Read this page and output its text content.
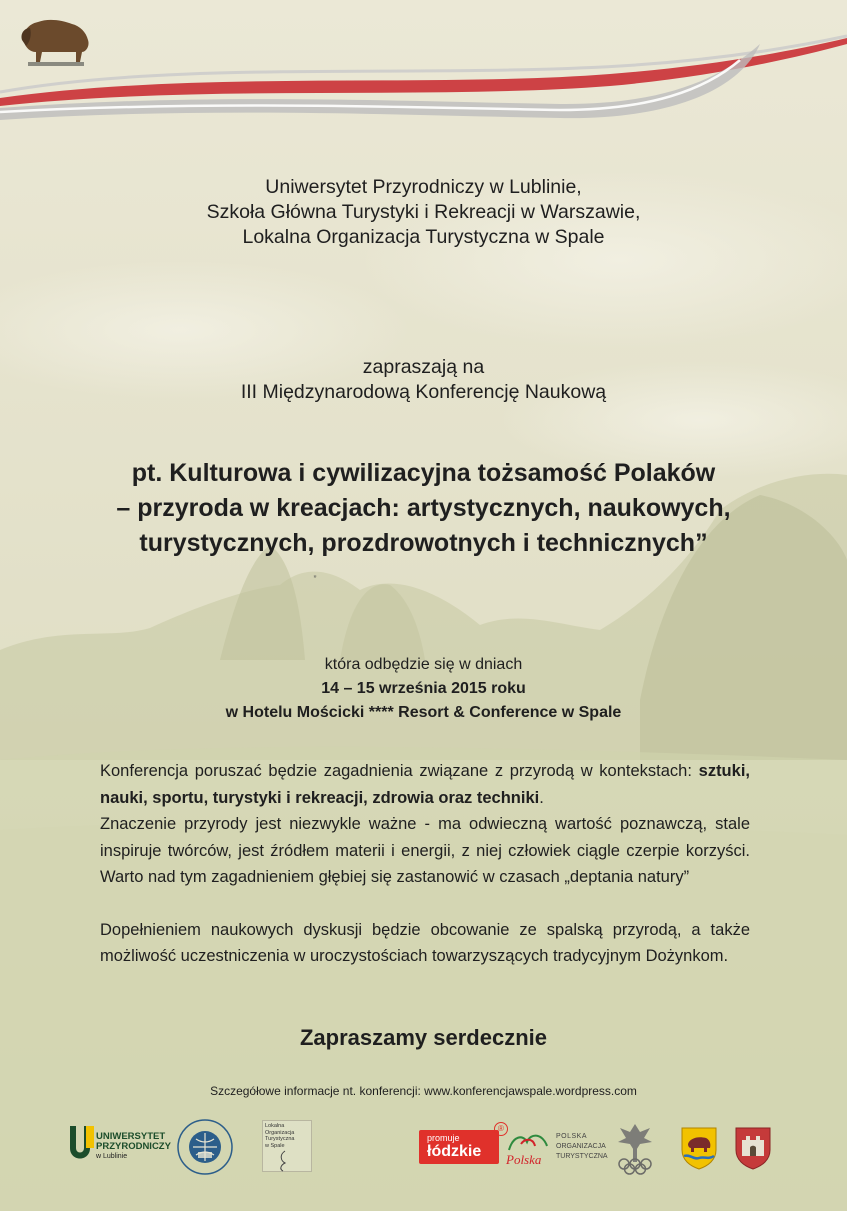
Uniwersytet Przyrodniczy w Lublinie,
Szkoła Główna Turystyki i Rekreacji w Warszawie,
Lokalna Organizacja Turystyczna w Spale
zapraszają na
III Międzynarodową Konferencję Naukową
pt. Kulturowa i cywilizacyjna tożsamość Polaków
– przyroda w kreacjach: artystycznych, naukowych,
turystycznych, prozdrowotnych i technicznych”
”
która odbędzie się w dniach
14 – 15 września 2015 roku
w Hotelu Mościcki **** Resort & Conference w Spale

Konferencja poruszać będzie zagadnienia związane z przyrodą w kontekstach: sztuki, nauki, sportu, turystyki i rekreacji, zdrowia oraz techniki.

Znaczenie przyrody jest niezwykle ważne - ma odwieczną wartość poznawczą, stale inspiruje twórców, jest źródłem materii i energii, z niej człowiek ciągle czerpie korzyści. Warto nad tym zagadnieniem głębiej się zastanowić w czasach „deptania natury”

Dopełnieniem naukowych dyskusji będzie obcowanie ze spalską przyrodą, a także możliwość uczestniczenia w uroczystościach towarzyszących tradycyjnym Dożynkom.

Zapraszamy serdecznie
Szczegółowe informacje nt. konferencji: www.konferencjawspale.wordpress.com
UNIWERSYTET
PRZYRODNICZY
w Lublinie
Lokalna Organizacja
Turystyczna
w Spale
promuje
łódzkie
®
Polska
POLSKA
ORGANIZACJA
TURYSTYCZNA
